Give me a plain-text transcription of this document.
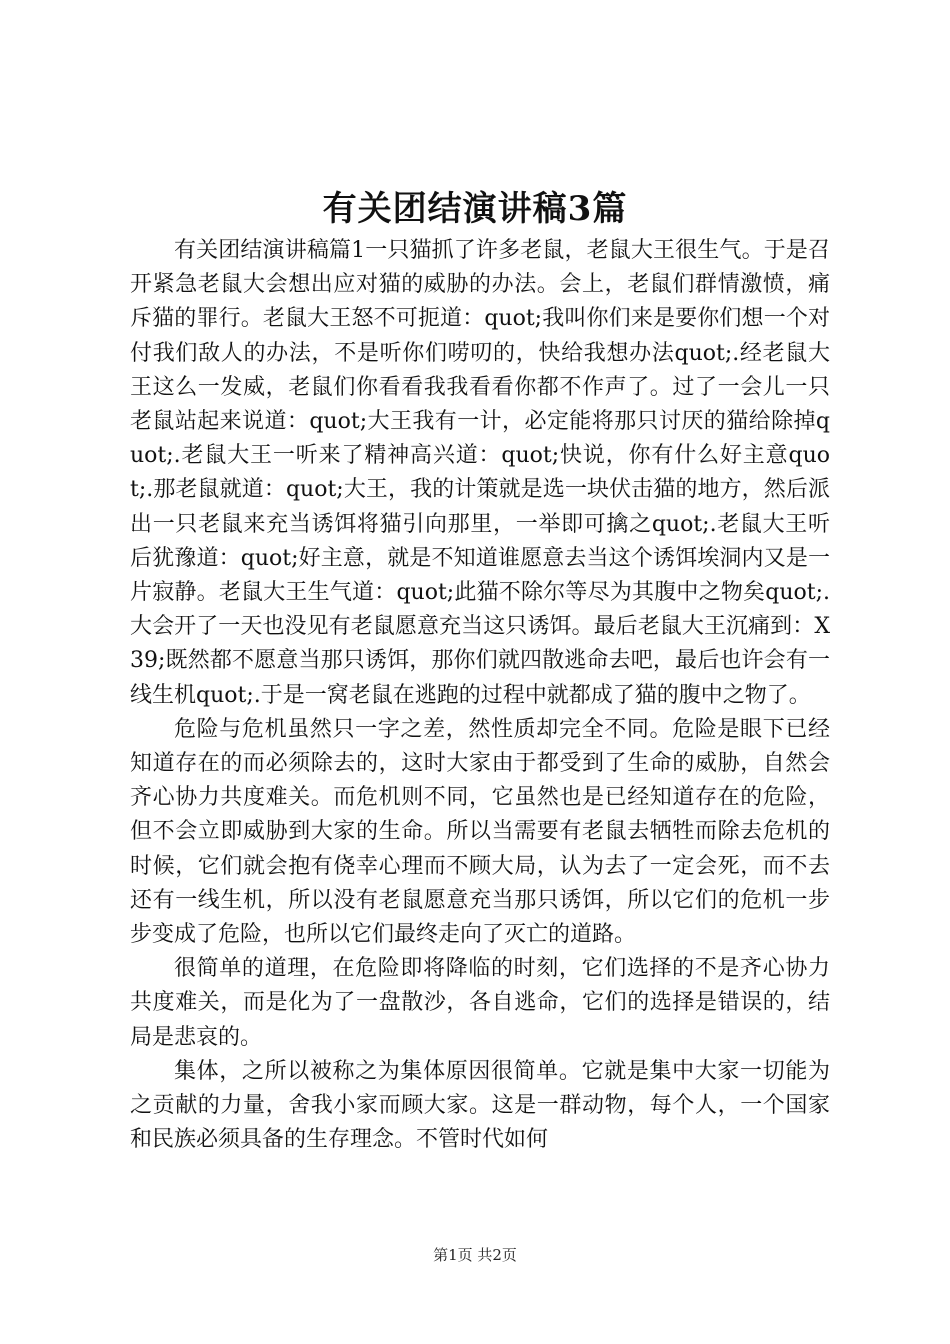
有关团结演讲稿3篇

有关团结演讲稿篇1一只猫抓了许多老鼠，老鼠大王很生气。于是召开紧急老鼠大会想出应对猫的威胁的办法。会上，老鼠们群情激愤，痛斥猫的罪行。老鼠大王怒不可扼道：quot;我叫你们来是要你们想一个对付我们敌人的办法，不是听你们唠叨的，快给我想办法quot;.经老鼠大王这么一发威，老鼠们你看看我我看看你都不作声了。过了一会儿一只老鼠站起来说道：quot;大王我有一计，必定能将那只讨厌的猫给除掉quot;.老鼠大王一听来了精神高兴道：quot;快说，你有什么好主意quot;.那老鼠就道：quot;大王，我的计策就是选一块伏击猫的地方，然后派出一只老鼠来充当诱饵将猫引向那里，一举即可擒之quot;.老鼠大王听后犹豫道：quot;好主意，就是不知道谁愿意去当这个诱饵埃洞内又是一片寂静。老鼠大王生气道：quot;此猫不除尔等尽为其腹中之物矣quot;.大会开了一天也没见有老鼠愿意充当这只诱饵。最后老鼠大王沉痛到：X39;既然都不愿意当那只诱饵，那你们就四散逃命去吧，最后也许会有一线生机quot;.于是一窝老鼠在逃跑的过程中就都成了猫的腹中之物了。

危险与危机虽然只一字之差，然性质却完全不同。危险是眼下已经知道存在的而必须除去的，这时大家由于都受到了生命的威胁，自然会齐心协力共度难关。而危机则不同，它虽然也是已经知道存在的危险，但不会立即威胁到大家的生命。所以当需要有老鼠去牺牲而除去危机的时候，它们就会抱有侥幸心理而不顾大局，认为去了一定会死，而不去还有一线生机，所以没有老鼠愿意充当那只诱饵，所以它们的危机一步步变成了危险，也所以它们最终走向了灭亡的道路。

很简单的道理，在危险即将降临的时刻，它们选择的不是齐心协力共度难关，而是化为了一盘散沙，各自逃命，它们的选择是错误的，结局是悲哀的。

集体，之所以被称之为集体原因很简单。它就是集中大家一切能为之贡献的力量，舍我小家而顾大家。这是一群动物，每个人，一个国家和民族必须具备的生存理念。不管时代如何

第1页 共2页
